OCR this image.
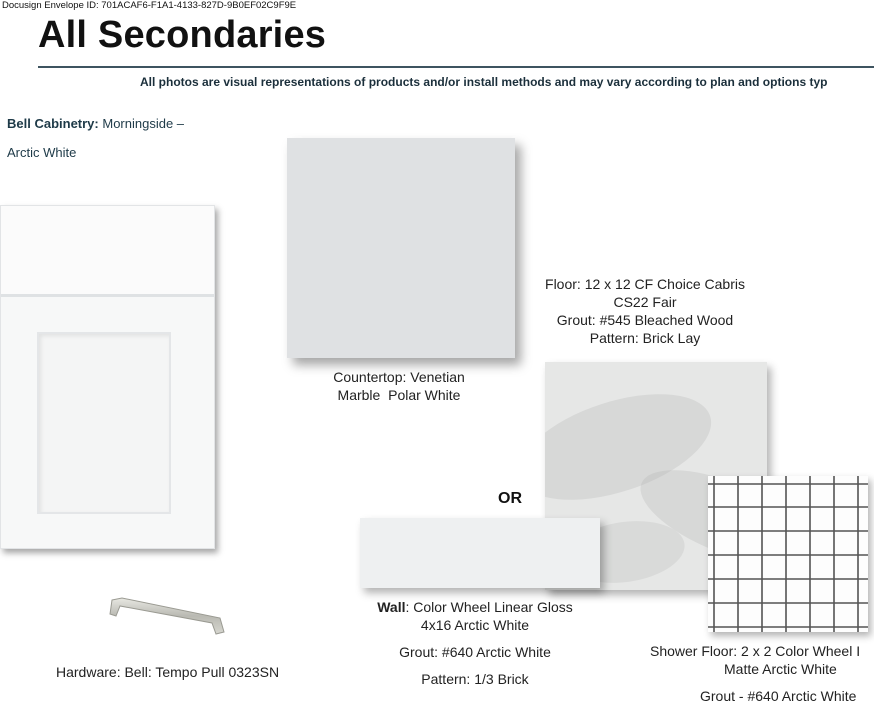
Docusign Envelope ID: 701ACAF6-F1A1-4133-827D-9B0EF02C9F9E
All Secondaries
All photos are visual representations of products and/or install methods and may vary according to plan and options typ
Bell Cabinetry: Morningside –
Arctic White
Countertop: Venetian
Marble  Polar White
Floor: 12 x 12 CF Choice Cabris
CS22 Fair
Grout: #545 Bleached Wood
Pattern: Brick Lay
OR
Wall: Color Wheel Linear Gloss
4x16 Arctic White
Grout: #640 Arctic White
Pattern: 1/3 Brick
Shower Floor: 2 x 2 Color Wheel I
Matte Arctic White
Grout - #640 Arctic White
Hardware: Bell: Tempo Pull 0323SN
